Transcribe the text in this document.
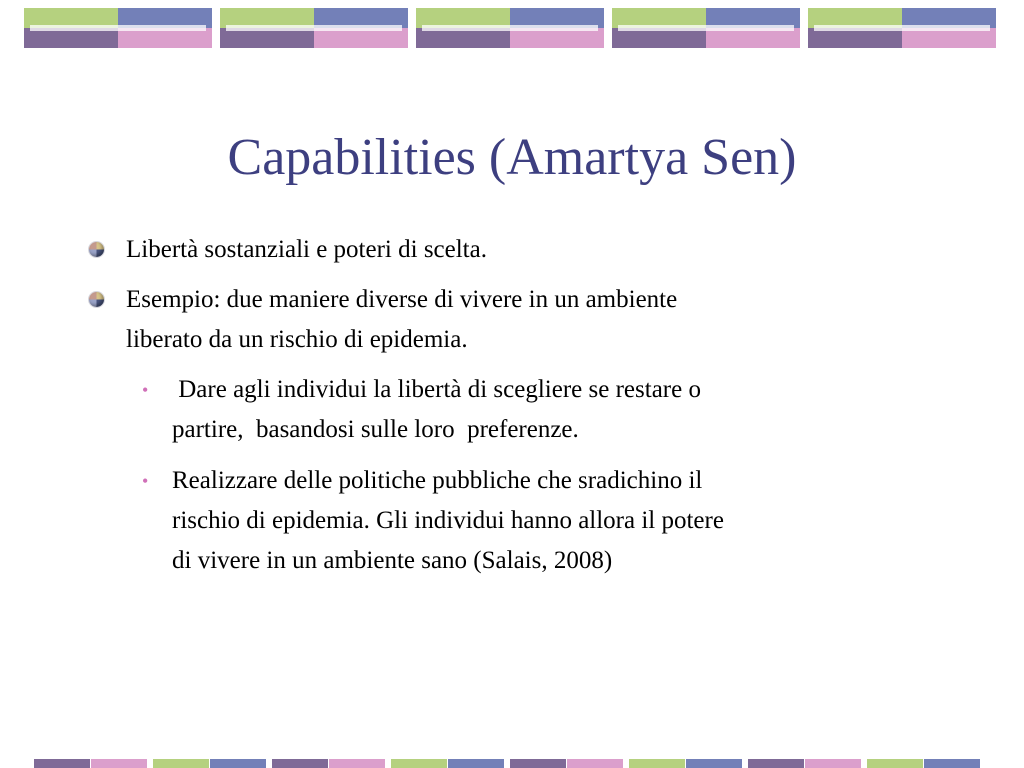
Capabilities (Amartya Sen)
Libertà sostanziali e poteri di scelta.
Esempio: due maniere diverse di vivere in un ambiente
liberato da un rischio di epidemia.
• Dare agli individui la libertà di scegliere se restare o
partire,  basandosi sulle loro  preferenze.
• Realizzare delle politiche pubbliche che sradichino il
rischio di epidemia. Gli individui hanno allora il potere
di vivere in un ambiente sano (Salais, 2008)
